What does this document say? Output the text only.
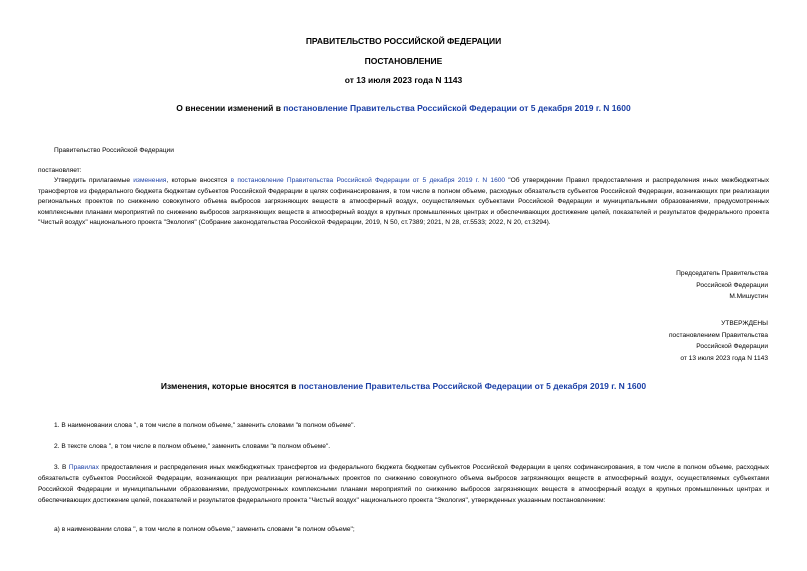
ПРАВИТЕЛЬСТВО РОССИЙСКОЙ ФЕДЕРАЦИИ
ПОСТАНОВЛЕНИЕ
от 13 июля 2023 года N 1143
О внесении изменений в постановление Правительства Российской Федерации от 5 декабря 2019 г. N 1600
Правительство Российской Федерации
постановляет:
Утвердить прилагаемые изменения, которые вносятся в постановление Правительства Российской Федерации от 5 декабря 2019 г. N 1600 "Об утверждении Правил предоставления и распределения иных межбюджетных трансфертов из федерального бюджета бюджетам субъектов Российской Федерации в целях софинансирования, в том числе в полном объеме, расходных обязательств субъектов Российской Федерации, возникающих при реализации региональных проектов по снижению совокупного объема выбросов загрязняющих веществ в атмосферный воздух, осуществляемых субъектами Российской Федерации и муниципальными образованиями, предусмотренных комплексными планами мероприятий по снижению выбросов загрязняющих веществ в атмосферный воздух в крупных промышленных центрах и обеспечивающих достижение целей, показателей и результатов федерального проекта "Чистый воздух" национального проекта "Экология" (Собрание законодательства Российской Федерации, 2019, N 50, ст.7389; 2021, N 28, ст.5533; 2022, N 20, ст.3294).
Председатель Правительства
Российской Федерации
М.Мишустин
УТВЕРЖДЕНЫ
постановлением Правительства
Российской Федерации
от 13 июля 2023 года N 1143
Изменения, которые вносятся в постановление Правительства Российской Федерации от 5 декабря 2019 г. N 1600
1. В наименовании слова ", в том числе в полном объеме," заменить словами "в полном объеме".
2. В тексте слова ", в том числе в полном объеме," заменить словами "в полном объеме".
3. В Правилах предоставления и распределения иных межбюджетных трансфертов из федерального бюджета бюджетам субъектов Российской Федерации в целях софинансирования, в том числе в полном объеме, расходных обязательств субъектов Российской Федерации, возникающих при реализации региональных проектов по снижению совокупного объема выбросов загрязняющих веществ в атмосферный воздух, осуществляемых субъектами Российской Федерации и муниципальными образованиями, предусмотренных комплексными планами мероприятий по снижению выбросов загрязняющих веществ в атмосферный воздух в крупных промышленных центрах и обеспечивающих достижение целей, показателей и результатов федерального проекта "Чистый воздух" национального проекта "Экология", утвержденных указанным постановлением:
а) в наименовании слова ", в том числе в полном объеме," заменить словами "в полном объеме";
